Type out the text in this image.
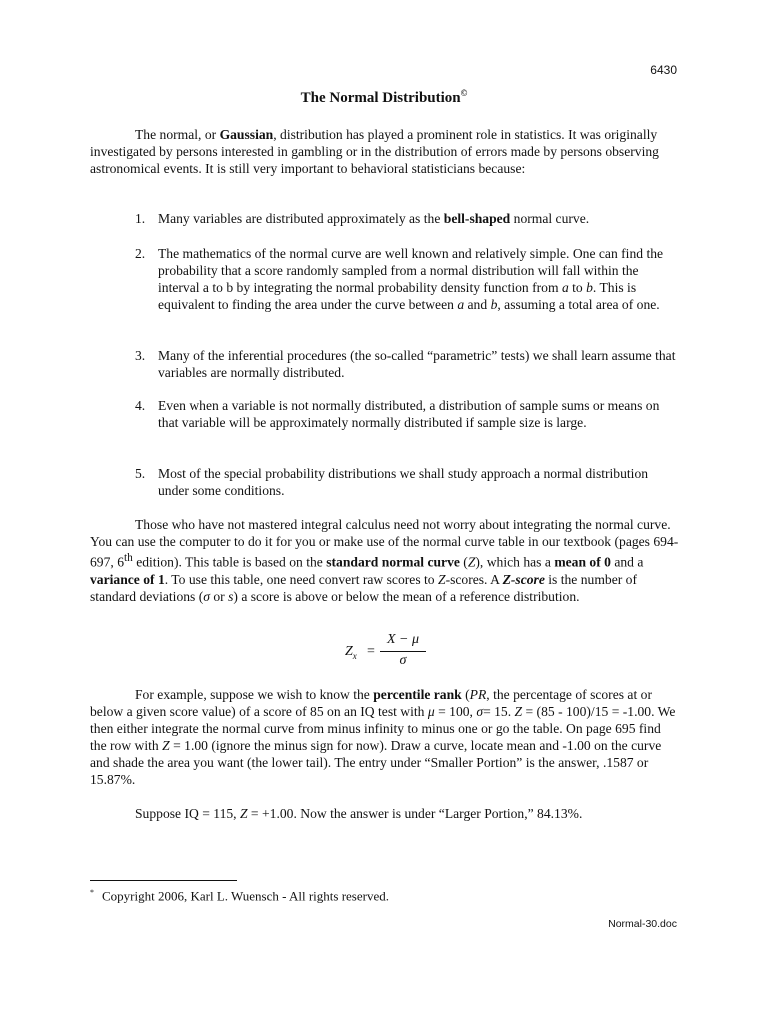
6430
The Normal Distribution©

The normal, or Gaussian, distribution has played a prominent role in statistics. It was originally investigated by persons interested in gambling or in the distribution of errors made by persons observing astronomical events. It is still very important to behavioral statisticians because:

1. Many variables are distributed approximately as the bell-shaped normal curve.
2. The mathematics of the normal curve are well known and relatively simple. One can find the probability that a score randomly sampled from a normal distribution will fall within the interval a to b by integrating the normal probability density function from a to b. This is equivalent to finding the area under the curve between a and b, assuming a total area of one.
3. Many of the inferential procedures (the so-called “parametric” tests) we shall learn assume that variables are normally distributed.
4. Even when a variable is not normally distributed, a distribution of sample sums or means on that variable will be approximately normally distributed if sample size is large.
5. Most of the special probability distributions we shall study approach a normal distribution under some conditions.

Those who have not mastered integral calculus need not worry about integrating the normal curve. You can use the computer to do it for you or make use of the normal curve table in our textbook (pages 694-697, 6th edition). This table is based on the standard normal curve (Z), which has a mean of 0 and a variance of 1. To use this table, one need convert raw scores to Z-scores. A Z-score is the number of standard deviations (σ or s) a score is above or below the mean of a reference distribution.

$Z_x$ =
X − μ
σ

For example, suppose we wish to know the percentile rank (PR, the percentage of scores at or below a given score value) of a score of 85 on an IQ test with μ = 100, σ= 15. Z = (85 - 100)/15 = -1.00. We then either integrate the normal curve from minus infinity to minus one or go the table. On page 695 find the row with Z = 1.00 (ignore the minus sign for now). Draw a curve, locate mean and -1.00 on the curve and shade the area you want (the lower tail). The entry under “Smaller Portion” is the answer, .1587 or 15.87%.

Suppose IQ = 115, Z = +1.00. Now the answer is under “Larger Portion,” 84.13%.

* Copyright 2006, Karl L. Wuensch - All rights reserved.
Normal-30.doc
